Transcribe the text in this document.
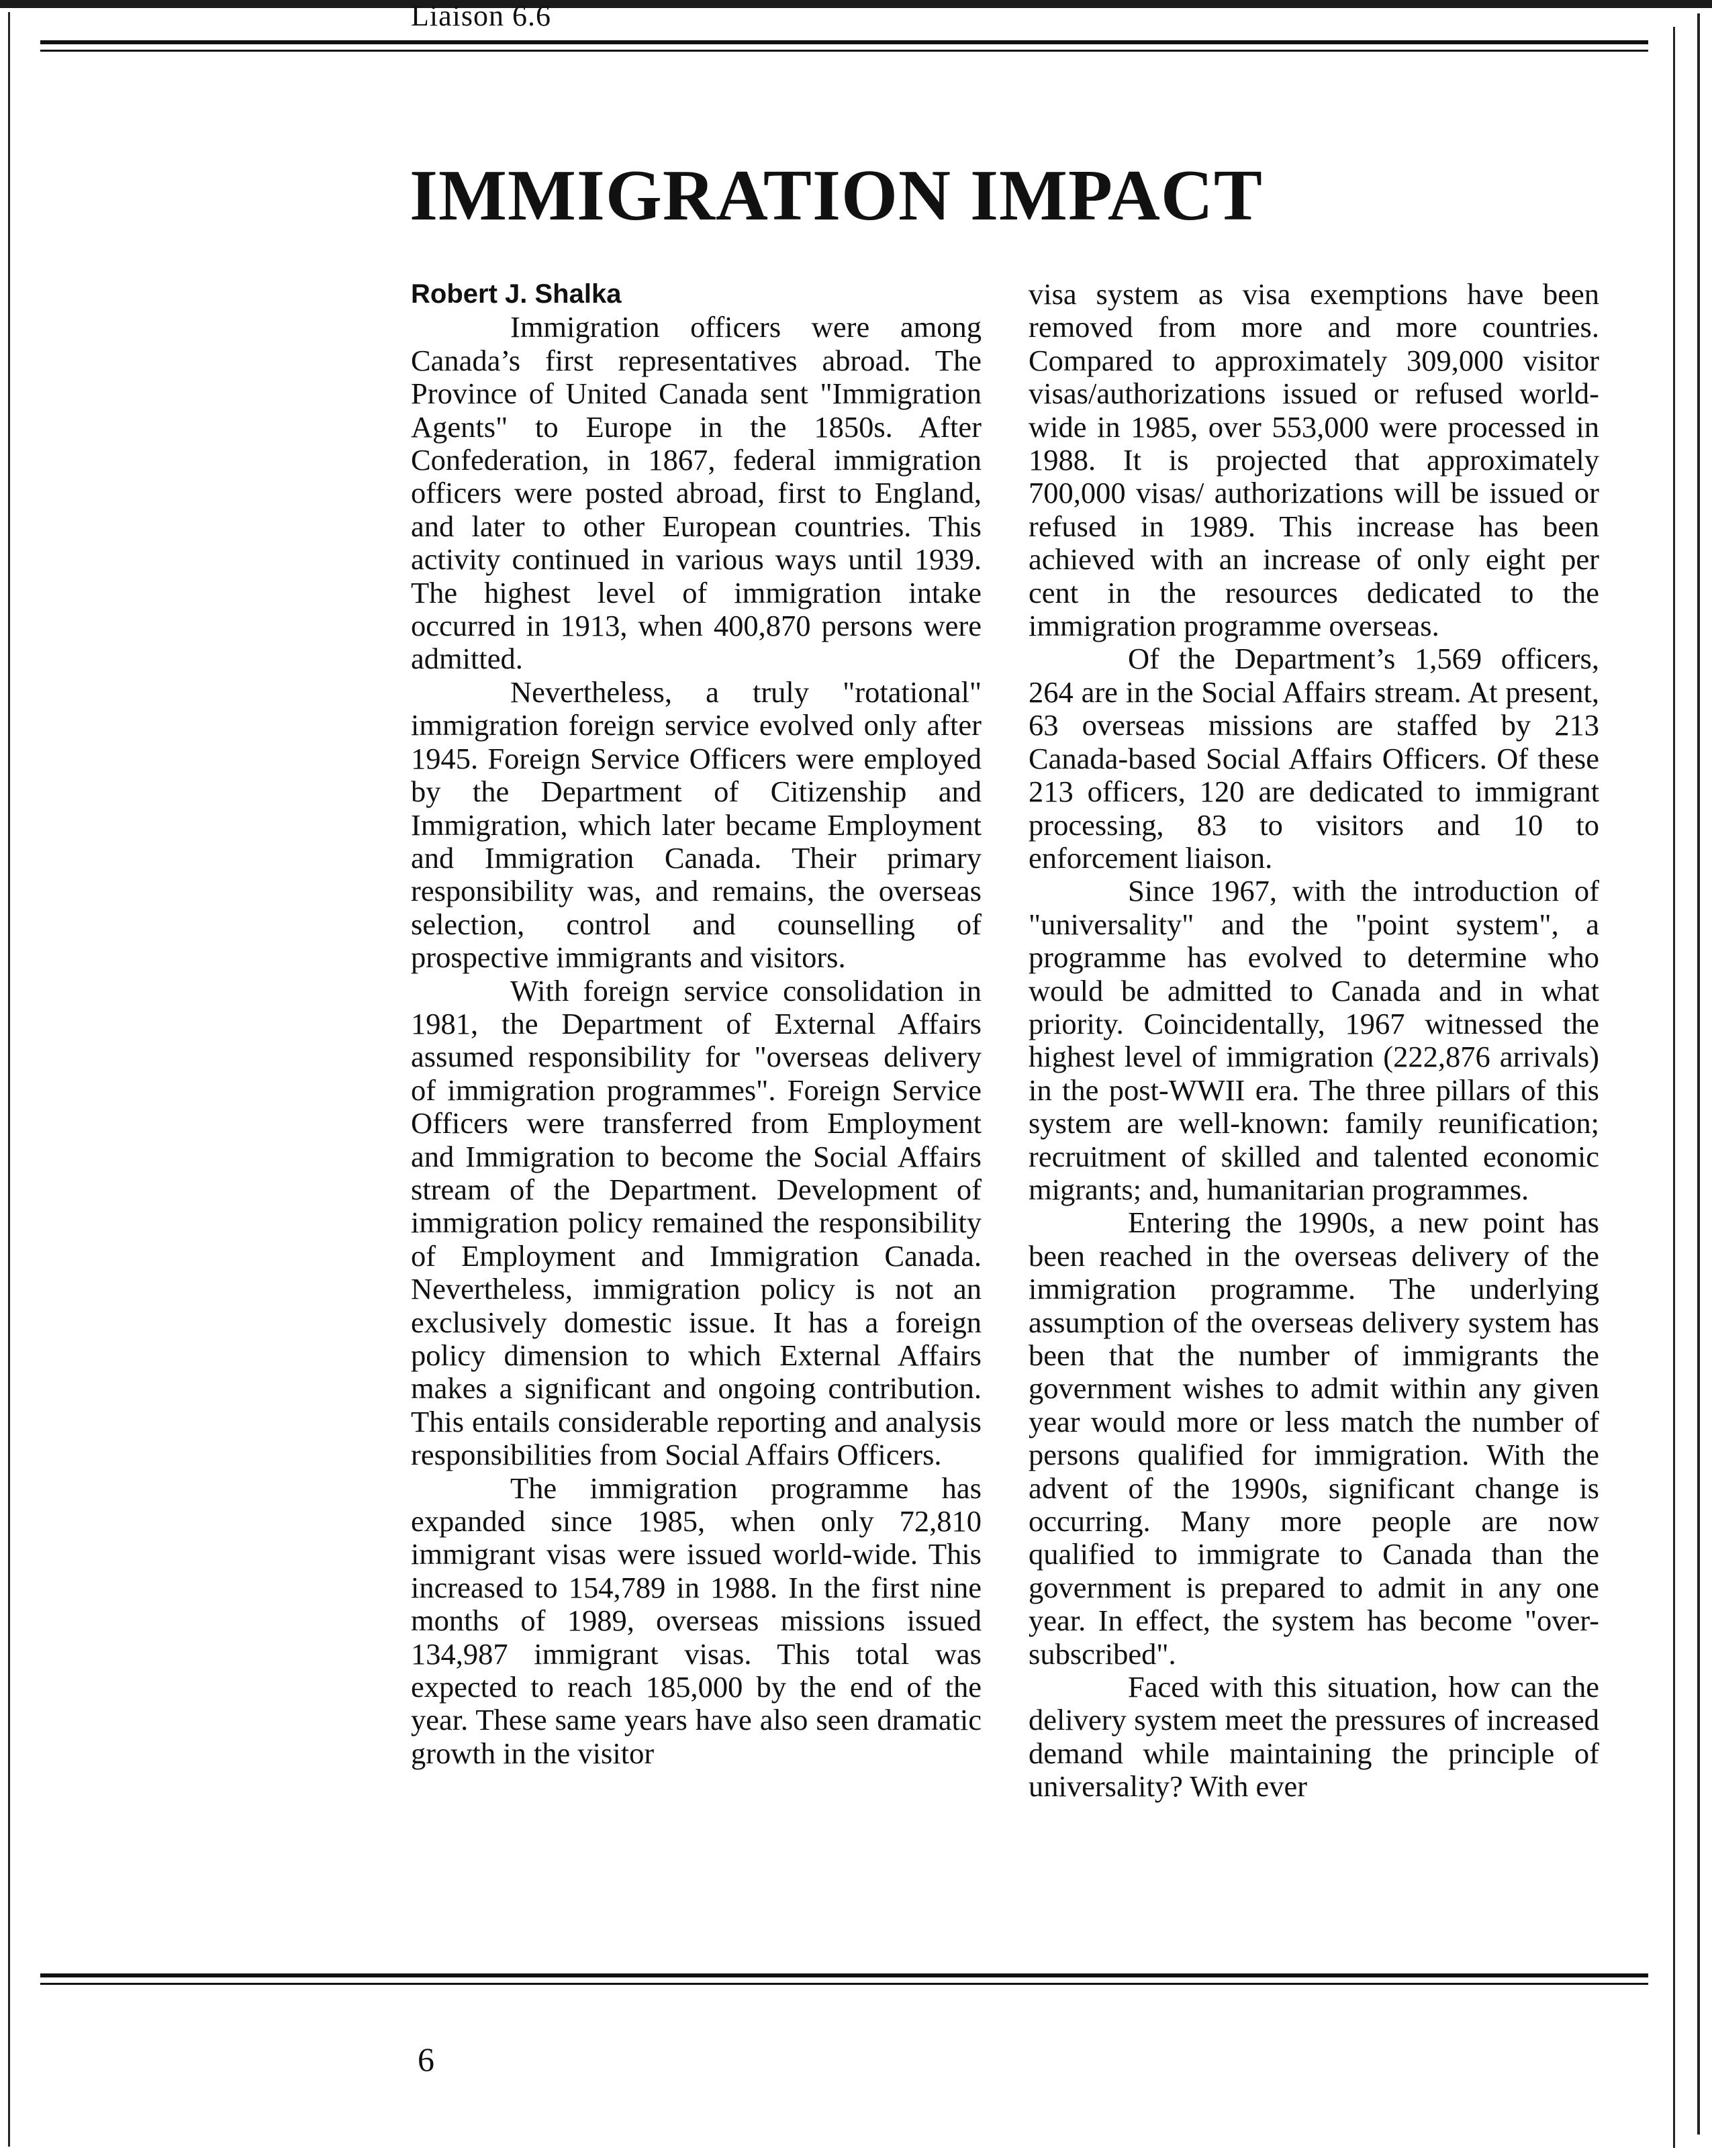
Liaison 6.6
IMMIGRATION IMPACT

Robert J. Shalka

Immigration officers were among Canada’s first representatives abroad. The Province of United Canada sent "Immigration Agents" to Europe in the 1850s. After Confederation, in 1867, federal immigration officers were posted abroad, first to England, and later to other European countries. This activity continued in various ways until 1939. The highest level of immigration intake occurred in 1913, when 400,870 persons were admitted.

Nevertheless, a truly "rotational" immigration foreign service evolved only after 1945. Foreign Service Officers were employed by the Department of Citizenship and Immigration, which later became Employment and Immigration Canada. Their primary responsibility was, and remains, the overseas selection, control and counselling of prospective immigrants and visitors.

With foreign service consolidation in 1981, the Department of External Affairs assumed responsibility for "overseas delivery of immigration programmes". Foreign Service Officers were transferred from Employment and Immigration to become the Social Affairs stream of the Department. Development of immigration policy remained the responsibility of Employment and Immigration Canada. Nevertheless, immigration policy is not an exclusively domestic issue. It has a foreign policy dimension to which External Affairs makes a significant and ongoing contribution. This entails considerable reporting and analysis responsibilities from Social Affairs Officers.

The immigration programme has expanded since 1985, when only 72,810 immigrant visas were issued world-wide. This increased to 154,789 in 1988. In the first nine months of 1989, overseas missions issued 134,987 immigrant visas. This total was expected to reach 185,000 by the end of the year. These same years have also seen dramatic growth in the visitor

visa system as visa exemptions have been removed from more and more countries. Compared to approximately 309,000 visitor visas/authorizations issued or refused world-wide in 1985, over 553,000 were processed in 1988. It is projected that approximately 700,000 visas/ authorizations will be issued or refused in 1989. This increase has been achieved with an increase of only eight per cent in the resources dedicated to the immigration programme overseas.

Of the Department’s 1,569 officers, 264 are in the Social Affairs stream. At present, 63 overseas missions are staffed by 213 Canada-based Social Affairs Officers. Of these 213 officers, 120 are dedicated to immigrant processing, 83 to visitors and 10 to enforcement liaison.

Since 1967, with the introduction of "universality" and the "point system", a programme has evolved to determine who would be admitted to Canada and in what priority. Coincidentally, 1967 witnessed the highest level of immigration (222,876 arrivals) in the post-WWII era. The three pillars of this system are well-known: family reunification; recruitment of skilled and talented economic migrants; and, humanitarian programmes.

Entering the 1990s, a new point has been reached in the overseas delivery of the immigration programme. The underlying assumption of the overseas delivery system has been that the number of immigrants the government wishes to admit within any given year would more or less match the number of persons qualified for immigration. With the advent of the 1990s, significant change is occurring. Many more people are now qualified to immigrate to Canada than the government is prepared to admit in any one year. In effect, the system has become "over-subscribed".

Faced with this situation, how can the delivery system meet the pressures of increased demand while maintaining the principle of universality? With ever

6
